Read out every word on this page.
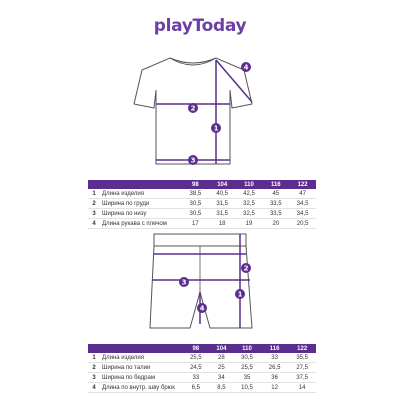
playToday
4
2
1
3
		98	104	110	116	122
1	Длина изделия	38,5	40,5	42,5	45	47
2	Ширина по груди	30,5	31,5	32,5	33,5	34,5
3	Ширина по низу	30,5	31,5	32,5	33,5	34,5
4	Длина рукава с плечом	17	18	19	20	20,5
2
1
3
4
		98	104	110	116	122
1	Длина изделия	25,5	28	30,5	33	35,5
2	Ширина по талии	24,5	25	25,5	26,5	27,5
3	Ширина по бедрам	33	34	35	36	37,5
4	Длина по внутр. шву брюк	6,5	8,5	10,5	12	14
